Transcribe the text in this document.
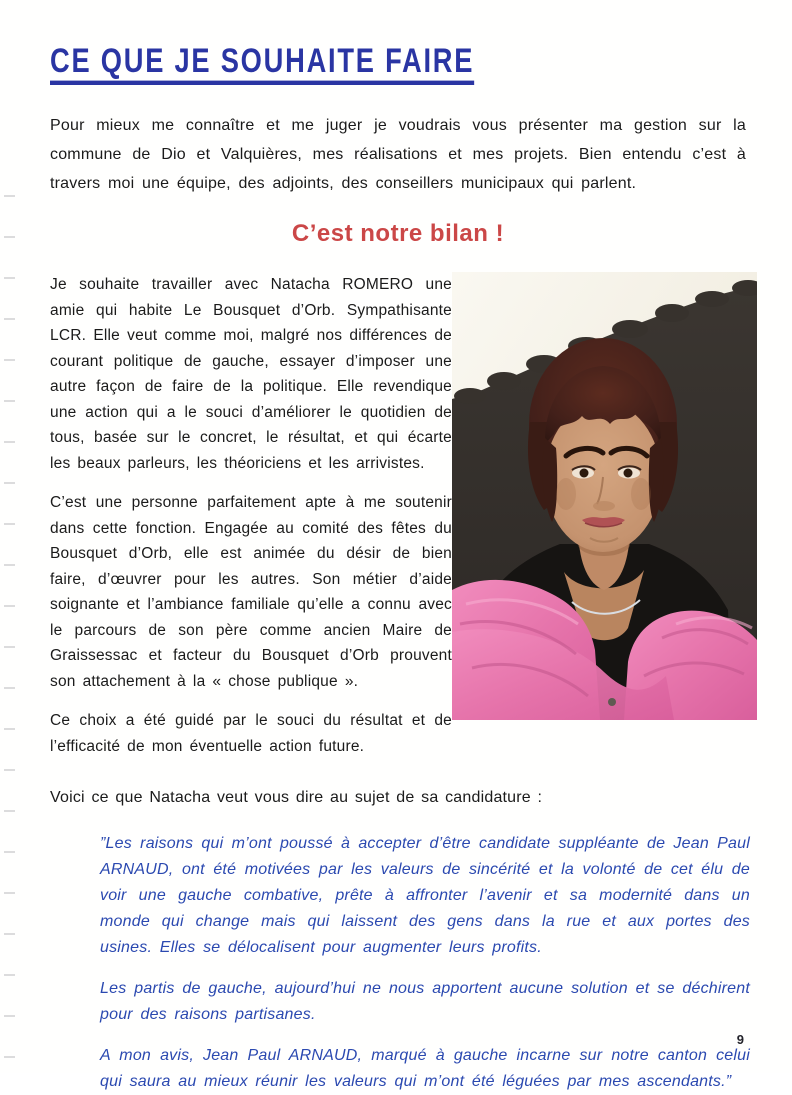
CE QUE JE SOUHAITE FAIRE

Pour mieux me connaître et me juger je voudrais vous présenter ma gestion sur la commune de Dio et Valquières, mes réalisations et mes projets. Bien entendu c’est à travers moi une équipe, des adjoints, des conseillers municipaux qui parlent.

C’est notre bilan !

Je souhaite travailler avec Natacha ROMERO une amie qui habite Le Bousquet d’Orb. Sympathisante LCR. Elle veut comme moi, malgré nos différences de courant politique de gauche, essayer d’imposer une autre façon de faire de la politique. Elle revendique une action qui a le souci d’améliorer le quotidien de tous, basée sur le concret, le résultat, et qui écarte les beaux parleurs, les théoriciens et les arrivistes.

C’est une personne parfaitement apte à me soutenir dans cette fonction. Engagée au comité des fêtes du Bousquet d’Orb, elle est animée du désir de bien faire, d’œuvrer pour les autres. Son métier d’aide soignante et l’ambiance familiale qu’elle a connu avec le parcours de son père comme ancien Maire de Graissessac et facteur du Bousquet d’Orb prouvent son attachement à la « chose publique ».

Ce choix a été guidé par le souci du résultat et de l’efficacité de mon éventuelle action future.

Voici ce que Natacha veut vous dire au sujet de sa candidature :

”Les raisons qui m’ont poussé à accepter d’être candidate suppléante de Jean Paul ARNAUD, ont été motivées par les valeurs de sincérité et la volonté de cet élu de voir une gauche combative, prête à affronter l’avenir et sa modernité dans un monde qui change mais qui laissent des gens dans la rue et aux portes des usines. Elles se délocalisent pour augmenter leurs profits.

Les partis de gauche, aujourd’hui ne nous apportent aucune solution et se déchirent pour des raisons partisanes.

A mon avis, Jean Paul ARNAUD, marqué à gauche incarne sur notre canton celui qui saura au mieux réunir les valeurs qui m’ont été léguées par mes ascendants.”

9
